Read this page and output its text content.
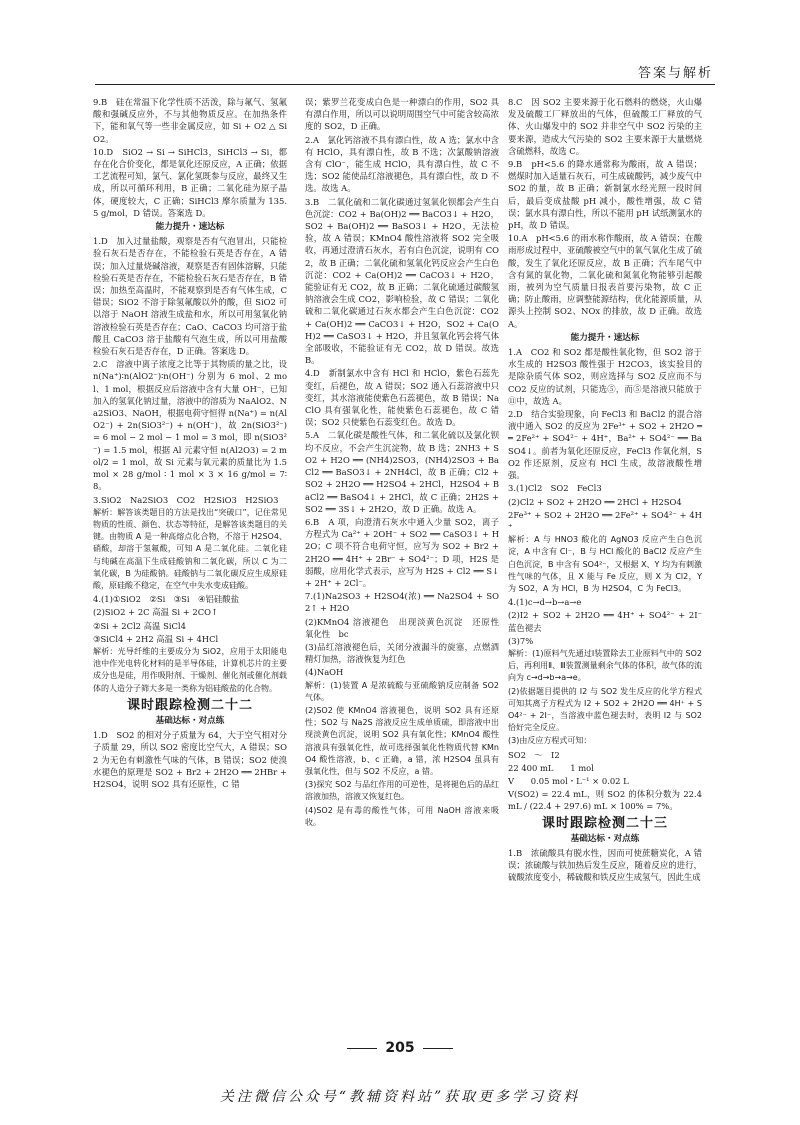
答案与解析

9.B　硅在常温下化学性质不活泼，除与氟气、氢氟酸和强碱反应外，不与其他物质反应。在加热条件下，能和氧气等一些非金属反应，如 Si + O2 △ SiO2。

10.D　SiO2 → Si → SiHCl3，SiHCl3 → Si，都存在化合价变化，都是氧化还原反应，A 正确；依据工艺流程可知，氯气、氯化氢既参与反应，最终又生成，所以可循环利用，B 正确；二氧化硅为原子晶体，硬度较大，C 正确；SiHCl3 摩尔质量为 135.5 g/mol，D 错误。答案选 D。

能力提升・速达标

1.D　加入过量盐酸，观察是否有气泡冒出，只能检验石灰石是否存在，不能检验石英是否存在，A 错误；加入过量烧碱溶液，观察是否有固体溶解，只能检验石英是否存在，不能检验石灰石是否存在，B 错误；加热至高温时，不能观察到是否有气体生成，C 错误；SiO2 不溶于除氢氟酸以外的酸，但 SiO2 可以溶于 NaOH 溶液生成盐和水，所以可用氢氧化钠溶液检验石英是否存在；CaO、CaCO3 均可溶于盐酸且 CaCO3 溶于盐酸有气泡生成，所以可用盐酸检验石灰石是否存在，D 正确。答案选 D。

2.C　溶液中离子浓度之比等于其物质的量之比，设 n(Na⁺)∶n(AlO2⁻)∶n(OH⁻) 分别为 6 mol、2 mol、1 mol，根据反应后溶液中含有大量 OH⁻，已知加入的氢氧化钠过量，溶液中的溶质为 NaAlO2、Na2SiO3、NaOH，根据电荷守恒得 n(Na⁺) = n(AlO2⁻) + 2n(SiO3²⁻) + n(OH⁻)，故 2n(SiO3²⁻) = 6 mol − 2 mol − 1 mol = 3 mol，即 n(SiO3²⁻) = 1.5 mol，根据 Al 元素守恒 n(Al2O3) = 2 mol/2 = 1 mol，故 Si 元素与氧元素的质量比为 1.5 mol × 28 g/mol ∶ 1 mol × 3 × 16 g/mol = 7∶8。

3.SiO2　Na2SiO3　CO2　H2SiO3　H2SiO3

解析：解答该类题目的方法是找出“突破口”，记住常见物质的性质、颜色、状态等特征，是解答该类题目的关键。由物质 A 是一种高熔点化合物，不溶于 H2SO4、硝酸，却溶于氢氟酸，可知 A 是二氧化硅。二氧化硅与纯碱在高温下生成硅酸钠和二氧化碳，所以 C 为二氧化碳，B 为硅酸钠。硅酸钠与二氧化碳反应生成原硅酸，原硅酸不稳定，在空气中失水变成硅酸。

4.(1)①SiO2　②Si　③Si　④铝硅酸盐

(2)SiO2 + 2C 高温 Si + 2CO↑

②Si + 2Cl2 高温 SiCl4

③SiCl4 + 2H2 高温 Si + 4HCl

解析：光导纤维的主要成分为 SiO2，应用于太阳能电池中作光电转化材料的是半导体硅，计算机芯片的主要成分也是硅，用作吸附剂、干燥剂、催化剂或催化剂载体的人造分子筛大多是一类称为铝硅酸盐的化合物。

课时跟踪检测二十二
基础达标・对点练

1.D　SO2 的相对分子质量为 64，大于空气相对分子质量 29，所以 SO2 密度比空气大，A 错误；SO2 为无色有刺激性气味的气体，B 错误；SO2 使溴水褪色的原理是 SO2 + Br2 + 2H2O ══ 2HBr + H2SO4，说明 SO2 具有还原性，C 错

误；紫罗兰花变成白色是一种漂白的作用，SO2 具有漂白作用，所以可以说明周围空气中可能含较高浓度的 SO2，D 正确。

2.A　氯化钙溶液不具有漂白性，故 A 选；氯水中含有 HClO，具有漂白性，故 B 不选；次氯酸钠溶液含有 ClO⁻，能生成 HClO，具有漂白性，故 C 不选；SO2 能使品红溶液褪色，具有漂白性，故 D 不选。故选 A。

3.B　二氧化硫和二氧化碳通过氢氧化钡都会产生白色沉淀：CO2 + Ba(OH)2 ══ BaCO3↓ + H2O，SO2 + Ba(OH)2 ══ BaSO3↓ + H2O，无法检验，故 A 错误；KMnO4 酸性溶液将 SO2 完全吸收，再通过澄清石灰水，若有白色沉淀，说明有 CO2，故 B 正确；二氧化硫和氢氧化钙反应会产生白色沉淀：CO2 + Ca(OH)2 ══ CaCO3↓ + H2O，能验证有无 CO2，故 B 正确；二氧化硫通过碳酸氢钠溶液会生成 CO2，影响检验，故 C 错误；二氧化硫和二氧化碳通过石灰水都会产生白色沉淀：CO2 + Ca(OH)2 ══ CaCO3↓ + H2O，SO2 + Ca(OH)2 ══ CaSO3↓ + H2O，并且氢氧化钙会将气体全部吸收，不能验证有无 CO2，故 D 错误。故选 B。

4.D　新制氯水中含有 HCl 和 HClO，紫色石蕊先变红，后褪色，故 A 错误；SO2 通入石蕊溶液中只变红，其水溶液能使紫色石蕊褪色，故 B 错误；NaClO 具有强氧化性，能使紫色石蕊褪色，故 C 错误；SO2 只使紫色石蕊变红色。故选 D。

5.A　二氧化碳是酸性气体，和二氧化硫以及氯化钡均不反应，不会产生沉淀物，故 B 选；2NH3 + SO2 + H2O ══ (NH4)2SO3，(NH4)2SO3 + BaCl2 ══ BaSO3↓ + 2NH4Cl，故 B 正确；Cl2 + SO2 + 2H2O ══ H2SO4 + 2HCl，H2SO4 + BaCl2 ══ BaSO4↓ + 2HCl，故 C 正确；2H2S + SO2 ══ 3S↓ + 2H2O，故 D 正确。故选 A。

6.B　A 项，向澄清石灰水中通入少量 SO2，离子方程式为 Ca²⁺ + 2OH⁻ + SO2 ══ CaSO3↓ + H2O；C 项不符合电荷守恒，应写为 SO2 + Br2 + 2H2O ══ 4H⁺ + 2Br⁻ + SO4²⁻；D 项，H2S 是弱酸，应用化学式表示，应写为 H2S + Cl2 ══ S↓ + 2H⁺ + 2Cl⁻。

7.(1)Na2SO3 + H2SO4(浓) ══ Na2SO4 + SO2↑ + H2O

(2)KMnO4 溶液褪色　出现淡黄色沉淀　还原性　氧化性　bc

(3)品红溶液褪色后，关闭分液漏斗的旋塞，点燃酒精灯加热，溶液恢复为红色

(4)NaOH

解析：(1)装置 A 是浓硫酸与亚硫酸钠反应制备 SO2 气体。

(2)SO2 使 KMnO4 溶液褪色，说明 SO2 具有还原性；SO2 与 Na2S 溶液反应生成单质硫，即溶液中出现淡黄色沉淀，说明 SO2 具有氧化性；KMnO4 酸性溶液具有强氧化性，故可选择强氧化性物质代替 KMnO4 酸性溶液，b、c 正确，a 错，浓 H2SO4 虽具有强氧化性，但与 SO2 不反应，a 错。

(3)探究 SO2 与品红作用的可逆性，是将褪色后的品红溶液加热，溶液又恢复红色。

(4)SO2 是有毒的酸性气体，可用 NaOH 溶液来吸收。

8.C　因 SO2 主要来源于化石燃料的燃烧，火山爆发及硫酸工厂释放出的气体，但硫酸工厂释放的气体、火山爆发中的 SO2 并非空气中 SO2 污染的主要来源，造成大气污染的 SO2 主要来源于大量燃烧含硫燃料，故选 C。

9.B　pH<5.6 的降水通常称为酸雨，故 A 错误；燃煤时加入适量石灰石，可生成硫酸钙，减少废气中 SO2 的量，故 B 正确；新制氯水经光照一段时间后，最后变成盐酸 pH 减小，酸性增强，故 C 错误；氯水具有漂白性，所以不能用 pH 试纸测氯水的 pH，故 D 错误。

10.A　pH<5.6 的雨水称作酸雨，故 A 错误；在酸雨形成过程中，亚硫酸被空气中的氧气氧化生成了硫酸，发生了氧化还原反应，故 B 正确；汽车尾气中含有氮的氧化物，二氧化硫和氮氧化物能够引起酸雨，被列为空气质量日报表首要污染物，故 C 正确；防止酸雨，应调整能源结构，优化能源质量，从源头上控制 SO2、NOx 的排放，故 D 正确。故选 A。

能力提升・速达标

1.A　CO2 和 SO2 都是酸性氧化物，但 SO2 溶于水生成的 H2SO3 酸性强于 H2CO3，该实验目的是除杂质气体 SO2，则应选择与 SO2 反应而不与 CO2 反应的试剂，只能选⑤，而⑤是溶液只能放于⑪中，故选 A。

2.D　结合实验现象，向 FeCl3 和 BaCl2 的混合溶液中通入 SO2 的反应为 2Fe³⁺ + SO2 + 2H2O ══ 2Fe²⁺ + SO4²⁻ + 4H⁺，Ba²⁺ + SO4²⁻ ══ BaSO4↓。前者为氧化还原反应，FeCl3 作氧化剂，SO2 作还原剂，反应有 HCl 生成，故溶液酸性增强。

3.(1)Cl2　SO2　FeCl3

(2)Cl2 + SO2 + 2H2O ══ 2HCl + H2SO4

2Fe³⁺ + SO2 + 2H2O ══ 2Fe²⁺ + SO4²⁻ + 4H⁺

解析：A 与 HNO3 酸化的 AgNO3 反应产生白色沉淀，A 中含有 Cl⁻，B 与 HCl 酸化的 BaCl2 反应产生白色沉淀，B 中含有 SO4²⁻，又根据 X、Y 均为有刺激性气味的气体，且 X 能与 Fe 反应，则 X 为 Cl2，Y 为 SO2，A 为 HCl，B 为 H2SO4，C 为 FeCl3。

4.(1)c→d→b→a→e

(2)I2 + SO2 + 2H2O ══ 4H⁺ + SO4²⁻ + 2I⁻　蓝色褪去

(3)7%

解析：(1)原料气先通过Ⅰ装置除去工业原料气中的 SO2 后，再利用Ⅱ、Ⅲ装置测量剩余气体的体积，故气体的流向为 c→d→b→a→e。

(2)依据题目提供的 I2 与 SO2 发生反应的化学方程式可知其离子方程式为 I2 + SO2 + 2H2O ══ 4H⁺ + SO4²⁻ + 2I⁻，当溶液中蓝色褪去时，表明 I2 与 SO2 恰好完全反应。

(3)由反应方程式可知：

SO2　～　I2

22 400 mL　　1 mol

V　　0.05 mol・L⁻¹ × 0.02 L

V(SO2) = 22.4 mL，则 SO2 的体积分数为 22.4 mL / (22.4 + 297.6) mL × 100% = 7%。

课时跟踪检测二十三
基础达标・对点练

1.B　浓硫酸具有脱水性，因而可使蔗糖炭化，A 错误；浓硫酸与铁加热后发生反应，随着反应的进行，硫酸浓度变小，稀硫酸和铁反应生成氢气，因此生成

205
关注微信公众号“教辅资料站”获取更多学习资料
